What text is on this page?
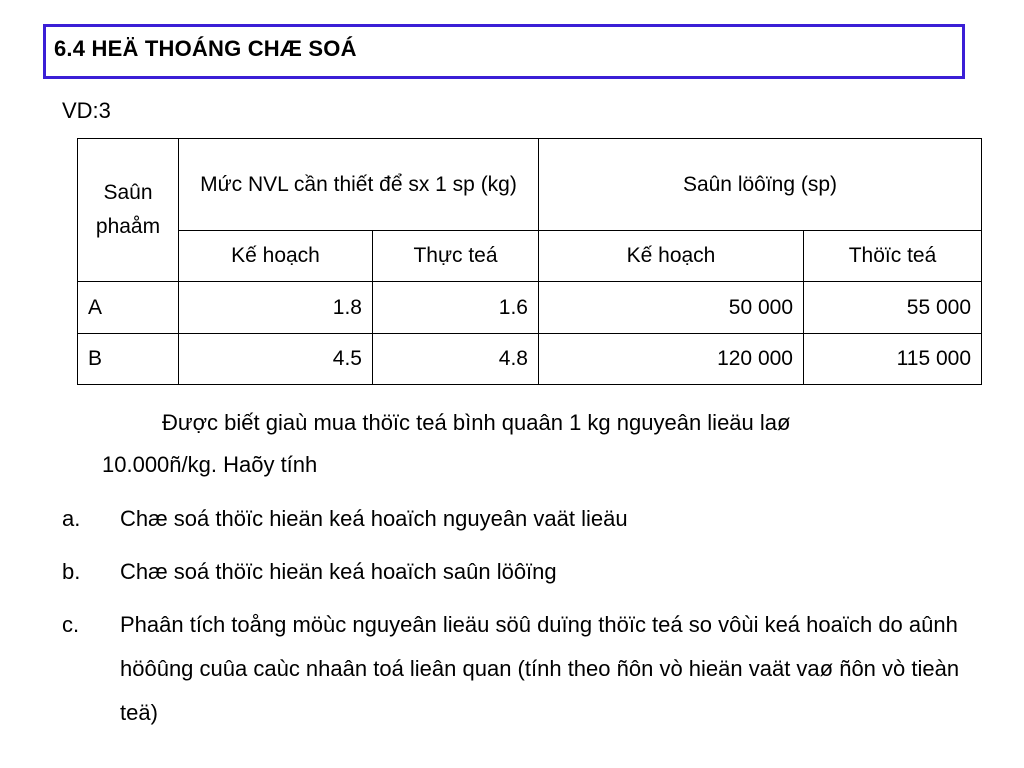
6.4 HEÄ THOÁNG CHÆ SOÁ
VD:3
Saûn phaåm	Mức NVL cần thiết để sx 1 sp (kg)		Saûn löôïng (sp)	
	Kế hoạch	Thực teá	Kế hoạch	Thöïc teá
A	1.8	1.6	50 000	55 000
B	4.5	4.8	120 000	115 000
Được biết giaù mua thöïc teá bình quaân 1 kg nguyeân lieäu laø
10.000ñ/kg. Haõy tính
a. Chæ soá thöïc hieän keá hoaïch nguyeân vaät lieäu
b. Chæ soá thöïc hieän keá hoaïch saûn löôïng
c. Phaân tích toång möùc nguyeân lieäu söû duïng thöïc teá so vôùi keá hoaïch do aûnh höôûng cuûa caùc nhaân toá lieân quan (tính theo ñôn vò hieän vaät vaø ñôn vò tieàn teä)
